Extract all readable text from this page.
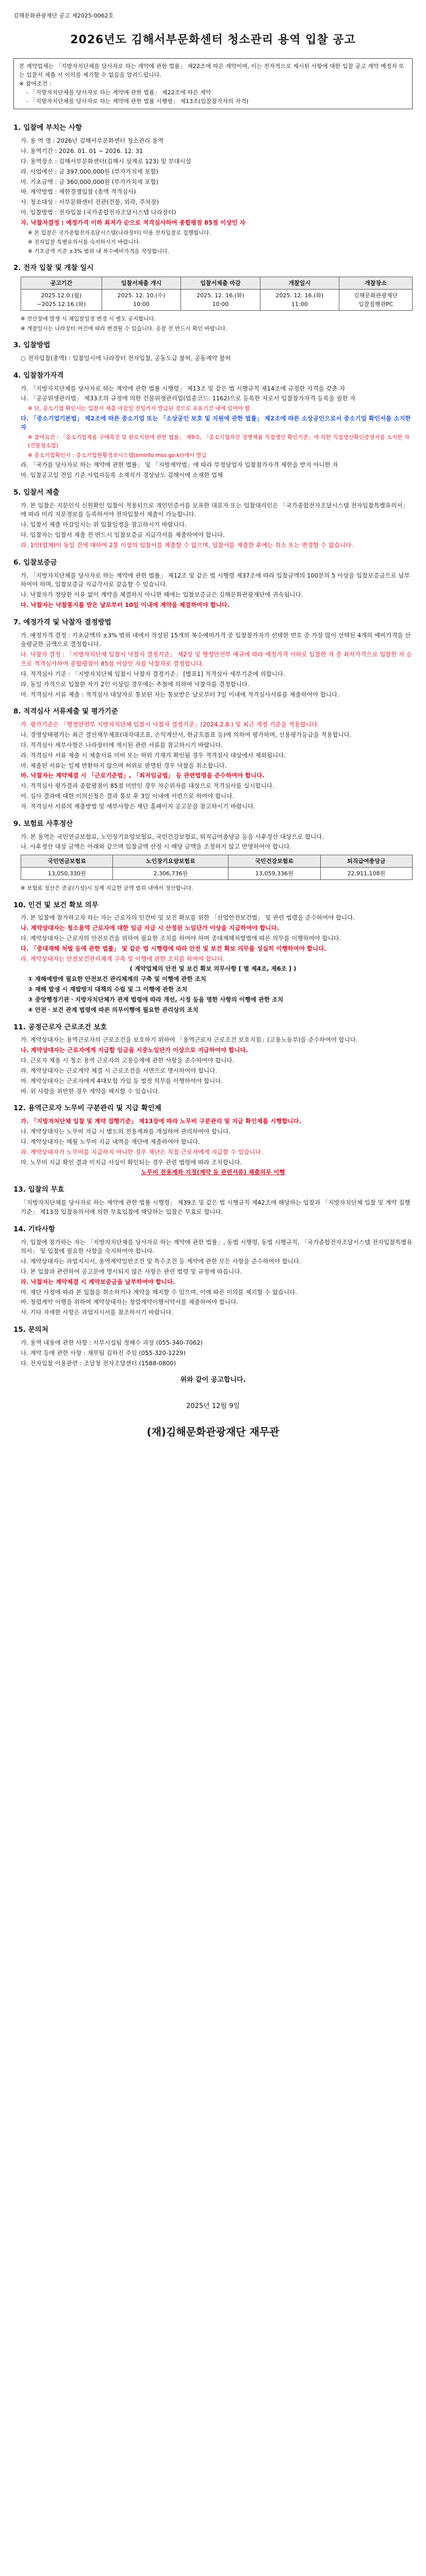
김해문화관광재단 공고 제2025-0062호
2026년도 김해서부문화센터 청소관리 용역 입찰 공고

본 계약업체는 「지방자치단체를 당사자로 하는 계약에 관한 법률」 제22조에 따른 계약이며, 이는 전자적으로 제시된 사항에 대한 입찰 공고 계약 예정자 또는 입찰서 제출 시 이의를 제기할 수 없음을 알려드립니다.

※ 참여조건 :

- 「지방자치단체를 당사자로 하는 계약에 관한 법률」 제22조에 따른 계약

- 「지방자치단체를 당사자로 하는 계약에 관한 법률 시행령」 제13조(입찰참가자의 자격)

1. 입찰에 부치는 사항

가. 용 역 명 : 2026년 김해서부문화센터 청소관리 용역

나. 용역기간 : 2026. 01. 01 ~ 2026. 12. 31

다. 용역장소 : 김해서부문화센터(김해시 삼계로 123) 및 부대시설

라. 사업예산 : 금 397,000,000원 (부가가치세 포함)

마. 기초금액 : 금 360,000,000원 (부가가치세 포함)

바. 계약방법 : 제한경쟁입찰 (총액 적격심사)

사. 청소대상 : 서부문화센터 전관(건물, 외곽, 주차장)

아. 입찰방법 : 전자입찰 (국가종합전자조달시스템 나라장터)

자. 낙찰자결정 : 예정가격 이하 최저가 순으로 적격심사하여 종합평점 85점 이상인 자

※ 본 입찰은 국가종합전자조달시스템(나라장터) 이용 전자입찰로 집행합니다.

※ 전자입찰 특별유의서를 숙지하시기 바랍니다.

※ 기초금액 기준 ±3% 범위 내 복수예비가격을 작성합니다.

2. 전자 입찰 및 개찰 일시
공고기간	입찰서제출 개시	입찰서제출 마감	개찰일시	개찰장소
2025.12.0.(월)
~2025.12.16.(화)	2025. 12. 10.(수)
10:00	2025. 12. 16.(화)
10:00	2025. 12. 16.(화)
11:00	김해문화관광재단
입찰집행관PC

※ 전산장애 발생 시 재입찰일정 변경 시 별도 공지합니다.

※ 개찰일시는 나라장터 여건에 따라 변경될 수 있습니다. 응찰 전 반드시 확인 바랍니다.

3. 입찰방법

○ 전자입찰(총액) : 입찰일시에 나라장터 전자입찰, 공동도급 불허, 공동계약 불허

4. 입찰참가자격

가. 「지방자치단체를 당사자로 하는 계약에 관한 법률 시행령」 제13조 및 같은 법 시행규칙 제14조에 규정한 자격을 갖춘 자

나. 「공공위생관리법」 제33조의 규정에 의한 건물위생관리업(업종코드: 1162)으로 등록한 자로서 입찰참가자격 등록을 필한 자

※ 단, 중소기업 확인서는 입찰서 제출 마감일 전일까지 발급된 것으로 유효기간 내에 있어야 함

다. 「중소기업기본법」 제2조에 따른 중소기업 또는 「소상공인 보호 및 지원에 관한 법률」 제2조에 따른 소상공인으로서 중소기업 확인서를 소지한 자

※ 참여요건 : 「중소기업제품 구매촉진 및 판로지원에 관한 법률」 제9조, 「중소기업자간 경쟁제품 직접생산 확인기준」에 의한 직접생산확인증명서를 소지한 자(건물청소업)

※ 중소기업확인서 : 중소기업현황정보시스템(sminfo.mss.go.kr)에서 발급

라. 「국가를 당사자로 하는 계약에 관한 법률」 및 「지방계약법」에 따라 부정당업자 입찰참가자격 제한을 받지 아니한 자

마. 입찰공고일 전일 기준 사업자등록 소재지가 경상남도 김해시에 소재한 업체

5. 입찰서 제출

가. 본 입찰은 지문인식 신원확인 입찰이 적용되므로 개인인증서를 보유한 대표자 또는 입찰대리인은 「국가종합전자조달시스템 전자입찰특별유의서」에 따라 미리 지문정보를 등록하셔야 전자입찰서 제출이 가능합니다.

나. 입찰서 제출 마감일시는 위 입찰일정을 참고하시기 바랍니다.

다. 입찰자는 입찰서 제출 전 반드시 입찰보증금 지급각서를 제출하여야 합니다.

라. 1인(업체)이 동일 건에 대하여 2통 이상의 입찰서를 제출할 수 없으며, 입찰서를 제출한 후에는 취소 또는 변경할 수 없습니다.

6. 입찰보증금

가. 「지방자치단체를 당사자로 하는 계약에 관한 법률」 제12조 및 같은 법 시행령 제37조에 따라 입찰금액의 100분의 5 이상을 입찰보증금으로 납부하여야 하며, 입찰보증금 지급각서로 갈음할 수 있습니다.

나. 낙찰자가 정당한 이유 없이 계약을 체결하지 아니한 때에는 입찰보증금은 김해문화관광재단에 귀속됩니다.

다. 낙찰자는 낙찰통지를 받은 날로부터 10일 이내에 계약을 체결하여야 합니다.

7. 예정가격 및 낙찰자 결정방법

가. 예정가격 결정 : 기초금액의 ±3% 범위 내에서 작성된 15개의 복수예비가격 중 입찰참가자가 선택한 번호 중 가장 많이 선택된 4개의 예비가격을 산술평균한 금액으로 결정합니다.

나. 낙찰자 결정 : 「지방자치단체 입찰시 낙찰자 결정기준」 제2장 및 행정안전부 예규에 따라 예정가격 이하로 입찰한 자 중 최저가격으로 입찰한 자 순으로 적격심사하여 종합평점이 85점 이상인 자를 낙찰자로 결정합니다.

다. 적격심사 기준 : 「지방자치단체 입찰시 낙찰자 결정기준」 [별표1] 적격심사 세부기준에 의합니다.

라. 동일 가격으로 입찰한 자가 2인 이상일 경우에는 추첨에 의하여 낙찰자를 결정합니다.

마. 적격심사 서류 제출 : 적격심사 대상자로 통보된 자는 통보받은 날로부터 7일 이내에 적격심사서류를 제출하여야 합니다.

8. 적격심사 서류제출 및 평가기준

가. 평가기준은 「행정안전부 지방자치단체 입찰시 낙찰자 결정기준」(2024.2.8.) 및 최근 개정 기준을 적용합니다.

나. 경영상태평가는 최근 결산재무제표(대차대조표, 손익계산서, 현금흐름표 등)에 의하여 평가하며, 신용평가등급을 적용합니다.

다. 적격심사 세부사항은 나라장터에 게시된 관련 서류를 참고하시기 바랍니다.

라. 적격심사 서류 제출 시 제출서류 미비 또는 허위 기재가 확인될 경우 적격심사 대상에서 제외됩니다.

마. 제출된 서류는 일체 반환하지 않으며 허위로 판명된 경우 낙찰을 취소합니다.

바. 낙찰자는 계약체결 시 「근로기준법」, 「최저임금법」 등 관련법령을 준수하여야 합니다.

사. 적격심사 평가결과 종합평점이 85점 미만인 경우 차순위자를 대상으로 적격심사를 실시합니다.

아. 심사 결과에 대한 이의신청은 결과 통보 후 3일 이내에 서면으로 하여야 합니다.

자. 적격심사 서류의 제출방법 및 세부사항은 재단 홈페이지 공고문을 참고하시기 바랍니다.

9. 보험료 사후정산

가. 본 용역은 국민연금보험료, 노인장기요양보험료, 국민건강보험료, 퇴직급여충당금 등을 사후정산 대상으로 합니다.

나. 사후정산 대상 금액은 아래와 같으며 입찰금액 산정 시 해당 금액을 조정하지 않고 반영하여야 합니다.

국민연금보험료	노인장기요양보험료	국민건강보험료	퇴직급여충당금
13,050,330원	2,306,736원	13,059,336원	22,911,108원

※ 보험료 정산은 준공(기성)시 실제 지급한 금액 범위 내에서 정산합니다.

10. 인건 및 보건 확보 의무

가. 본 입찰에 참가하고자 하는 자는 근로자의 인건비 및 보건 확보를 위한 「산업안전보건법」 및 관련 법령을 준수하여야 합니다.

나. 계약상대자는 청소용역 근로자에 대한 임금 지급 시 산정된 노임단가 이상을 지급하여야 합니다.

다. 계약상대자는 근로자의 안전보건을 위하여 필요한 조치를 하여야 하며 중대재해처벌법에 따른 의무를 이행하여야 합니다.

다. 「중대재해 처벌 등에 관한 법률」 및 같은 법 시행령에 따라 안전 및 보건 확보 의무를 성실히 이행하여야 합니다.

라. 계약상대자는 안전보건관리체계 구축 및 이행에 관한 조치를 하여야 합니다.

( 계약업체의 안전 및 보건 확보 의무사항 [ 별 제4조, 제6조 ] )

① 재해예방에 필요한 안전보건 관리체계의 구축 및 이행에 관한 조치

② 재해 발생 시 재발방지 대책의 수립 및 그 이행에 관한 조치

③ 중앙행정기관ㆍ지방자치단체가 관계 법령에 따라 개선, 시정 등을 명한 사항의 이행에 관한 조치

④ 안전ㆍ보건 관계 법령에 따른 의무이행에 필요한 관리상의 조치

11. 공정근로자 근로조건 보호

가. 계약상대자는 용역근로자의 근로조건을 보호하기 위하여 「용역근로자 근로조건 보호지침」(고용노동부)을 준수하여야 합니다.

나. 계약상대자는 근로자에게 지급할 임금을 시중노임단가 이상으로 지급하여야 합니다.

다. 근로자 채용 시 청소 용역 근로자의 고용승계에 관한 사항을 준수하여야 합니다.

라. 계약상대자는 근로계약 체결 시 근로조건을 서면으로 명시하여야 합니다.

마. 계약상대자는 근로자에게 4대보험 가입 등 법정 의무를 이행하여야 합니다.

바. 위 사항을 위반한 경우 계약을 해지할 수 있습니다.

12. 용역근로자 노무비 구분관리 및 지급 확인제

가. 「지방자치단체 입찰 및 계약 집행기준」 제13장에 따라 노무비 구분관리 및 지급 확인제를 시행합니다.

나. 계약상대자는 노무비 지급 시 별도의 전용계좌를 개설하여 관리하여야 합니다.

다. 계약상대자는 매월 노무비 지급 내역을 재단에 제출하여야 합니다.

라. 계약상대자가 노무비를 지급하지 아니한 경우 재단은 직접 근로자에게 지급할 수 있습니다.

마. 노무비 지급 확인 결과 미지급 사실이 확인되는 경우 관련 법령에 따라 조치합니다.

노무비 전용계좌 지정(계약 등 관련서류) 제출의무 이행

13. 입찰의 무효

「지방자치단체를 당사자로 하는 계약에 관한 법률 시행령」 제39조 및 같은 법 시행규칙 제42조에 해당하는 입찰과 「지방자치단체 입찰 및 계약 집행기준」 제13장 입찰유의서에 의한 무효입찰에 해당하는 입찰은 무효로 합니다.

14. 기타사항

가. 입찰에 참가하는 자는 「지방자치단체를 당사자로 하는 계약에 관한 법률」, 동법 시행령, 동법 시행규칙, 「국가종합전자조달시스템 전자입찰특별유의서」 및 입찰에 필요한 사항을 숙지하여야 합니다.

나. 계약상대자는 과업지시서, 용역계약일반조건 및 특수조건 등 계약에 관한 모든 사항을 준수하여야 합니다.

다. 본 입찰과 관련하여 공고문에 명시되지 않은 사항은 관련 법령 및 규정에 따릅니다.

라. 낙찰자는 계약체결 시 계약보증금을 납부하여야 합니다.

마. 재단 사정에 따라 본 입찰을 취소하거나 계약을 해지할 수 있으며, 이에 따른 이의를 제기할 수 없습니다.

바. 청렴계약 이행을 위하여 계약상대자는 청렴계약이행서약서를 제출하여야 합니다.

사. 기타 자세한 사항은 과업지시서를 참조하시기 바랍니다.

15. 문의처

가. 용역 내용에 관한 사항 : 서부시설팀 정혜수 과장 (055-340-7062)

나. 계약 등에 관한 사항 : 재무팀 김하진 주임 (055-320-1229)

다. 전자입찰 이용관련 : 조달청 전자조달센터 (1588-0800)

위와 같이 공고합니다.
2025년 12월 9일
(재)김해문화관광재단 재무관
